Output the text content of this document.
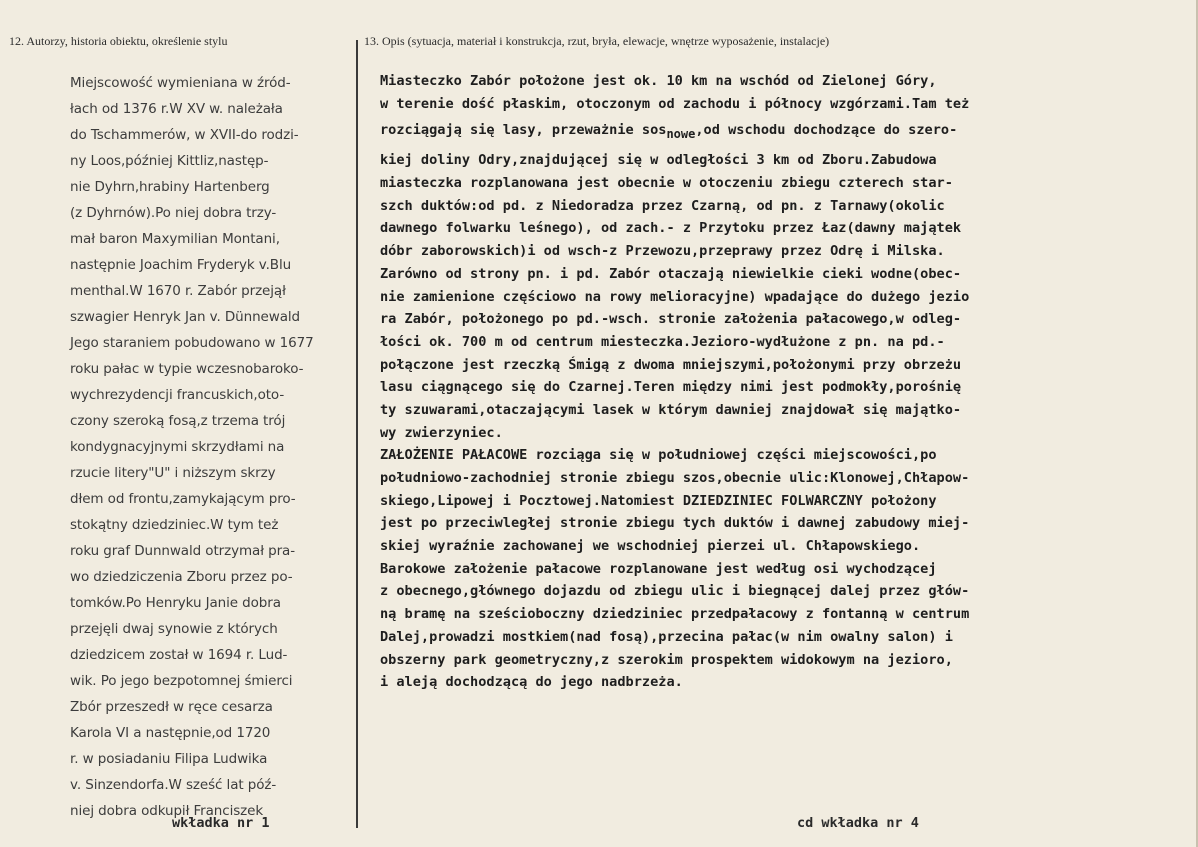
12. Autorzy, historia obiektu, określenie stylu	13. Opis (sytuacja, materiał i konstrukcja, rzut, bryła, elewacje, wnętrze wyposażenie, instalacje)
Miejscowość wymieniana w źród-
łach od 1376 r.W XV w. należała
do Tschammerów, w XVII-do rodzi-
ny Loos,później Kittliz,następ-
nie Dyhrn,hrabiny Hartenberg
(z Dyhrnów).Po niej dobra trzy-
mał baron Maxymilian Montani,
następnie Joachim Fryderyk v.Blu
menthal.W 1670 r. Zabór przejął
szwagier Henryk Jan v. Dünnewald
Jego staraniem pobudowano w 1677
roku pałac w typie wczesnobaroko-
wychrezydencji francuskich,oto-
czony szeroką fosą,z trzema trój
kondygnacyjnymi skrzydłami na
rzucie litery"U" i niższym skrzy
dłem od frontu,zamykającym pro-
stokątny dziedziniec.W tym też
roku graf Dunnwald otrzymał pra-
wo dziedziczenia Zboru przez po-
tomków.Po Henryku Janie dobra
przejęli dwaj synowie z których
dziedzicem został w 1694 r. Lud-
wik. Po jego bezpotomnej śmierci
Zbór przeszedł w ręce cesarza
Karola VI a następnie,od 1720
r. w posiadaniu Filipa Ludwika
v. Sinzendorfa.W sześć lat póź-
niej dobra odkupił Franciszek
Miasteczko Zabór położone jest ok. 10 km na wschód od Zielonej Góry,
w terenie dość płaskim, otoczonym od zachodu i północy wzgórzami.Tam też
rozciągają się lasy, przeważnie sosnowe,od wschodu dochodzące do szero-
kiej doliny Odry,znajdującej się w odległości 3 km od Zboru.Zabudowa
miasteczka rozplanowana jest obecnie w otoczeniu zbiegu czterech star-
szch duktów:od pd. z Niedoradza przez Czarną, od pn. z Tarnawy(okolic
dawnego folwarku leśnego), od zach.- z Przytoku przez Łaz(dawny majątek
dóbr zaborowskich)i od wsch-z Przewozu,przeprawy przez Odrę i Milska.
Zarówno od strony pn. i pd. Zabór otaczają niewielkie cieki wodne(obec-
nie zamienione częściowo na rowy melioracyjne) wpadające do dużego jezio
ra Zabór, położonego po pd.-wsch. stronie założenia pałacowego,w odleg-
łości ok. 700 m od centrum miesteczka.Jezioro-wydłużone z pn. na pd.-
połączone jest rzeczką Śmigą z dwoma mniejszymi,położonymi przy obrzeżu
lasu ciągnącego się do Czarnej.Teren między nimi jest podmokły,porośnię
ty szuwarami,otaczającymi lasek w którym dawniej znajdował się majątko-
wy zwierzyniec.
ZAŁOŻENIE PAŁACOWE rozciąga się w południowej części miejscowości,po
południowo-zachodniej stronie zbiegu szos,obecnie ulic:Klonowej,Chłapow-
skiego,Lipowej i Pocztowej.Natomiest DZIEDZINIEC FOLWARCZNY położony
jest po przeciwległej stronie zbiegu tych duktów i dawnej zabudowy miej-
skiej wyraźnie zachowanej we wschodniej pierzei ul. Chłapowskiego.
Barokowe założenie pałacowe rozplanowane jest według osi wychodzącej
z obecnego,głównego dojazdu od zbiegu ulic i biegnącej dalej przez głów-
ną bramę na sześcioboczny dziedziniec przedpałacowy z fontanną w centrum
Dalej,prowadzi mostkiem(nad fosą),przecina pałac(w nim owalny salon) i
obszerny park geometryczny,z szerokim prospektem widokowym na jezioro,
i aleją dochodzącą do jego nadbrzeża.
wkładka nr 1	cd wkładka nr 4
